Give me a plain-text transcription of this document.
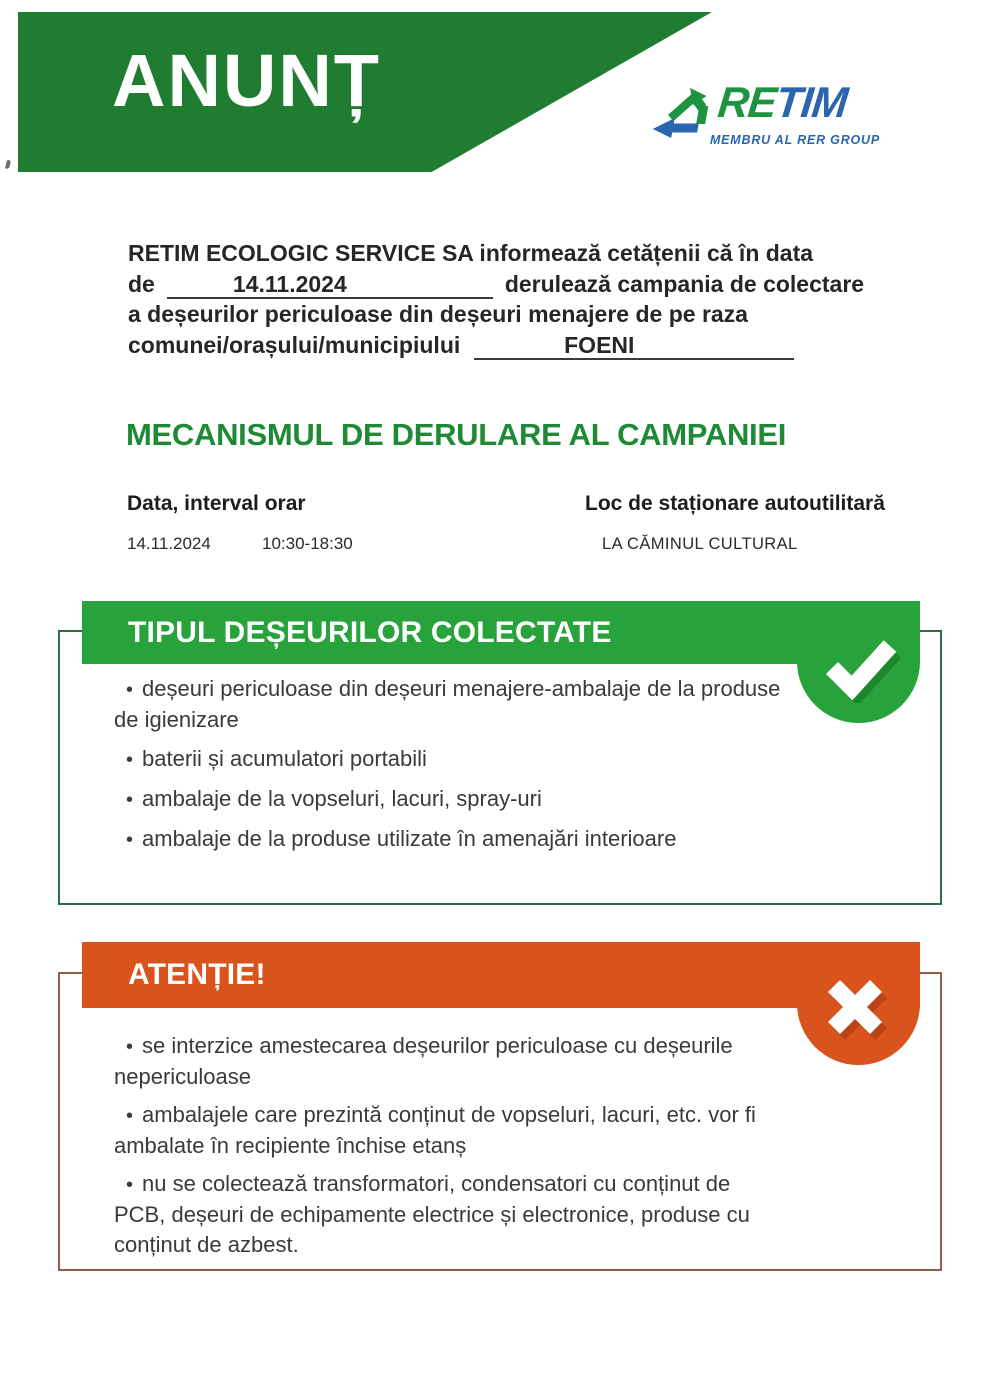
ANUNȚ	RETIM
MEMBRU AL RER GROUP
RETIM ECOLOGIC SERVICE SA informează cetățenii că în data
de	14.11.2024	derulează campania de colectare
a deșeurilor periculoase din deșeuri menajere de pe raza
comunei/orașului/municipiului	FOENI
MECANISMUL DE DERULARE AL CAMPANIEI
Data, interval orar	Loc de staționare autoutilitară
14.11.2024	10:30-18:30	LA CĂMINUL CULTURAL
TIPUL DEȘEURILOR COLECTATE
• deșeuri periculoase din deșeuri menajere-ambalaje de la produse
de igienizare
• baterii și acumulatori portabili
• ambalaje de la vopseluri, lacuri, spray-uri
• ambalaje de la produse utilizate în amenajări interioare
ATENȚIE!
• se interzice amestecarea deșeurilor periculoase cu deșeurile
nepericuloase
• ambalajele care prezintă conținut de vopseluri, lacuri, etc. vor fi
ambalate în recipiente închise etanș
• nu se colectează transformatori, condensatori cu conținut de
PCB, deșeuri de echipamente electrice și electronice, produse cu
conținut de azbest.
